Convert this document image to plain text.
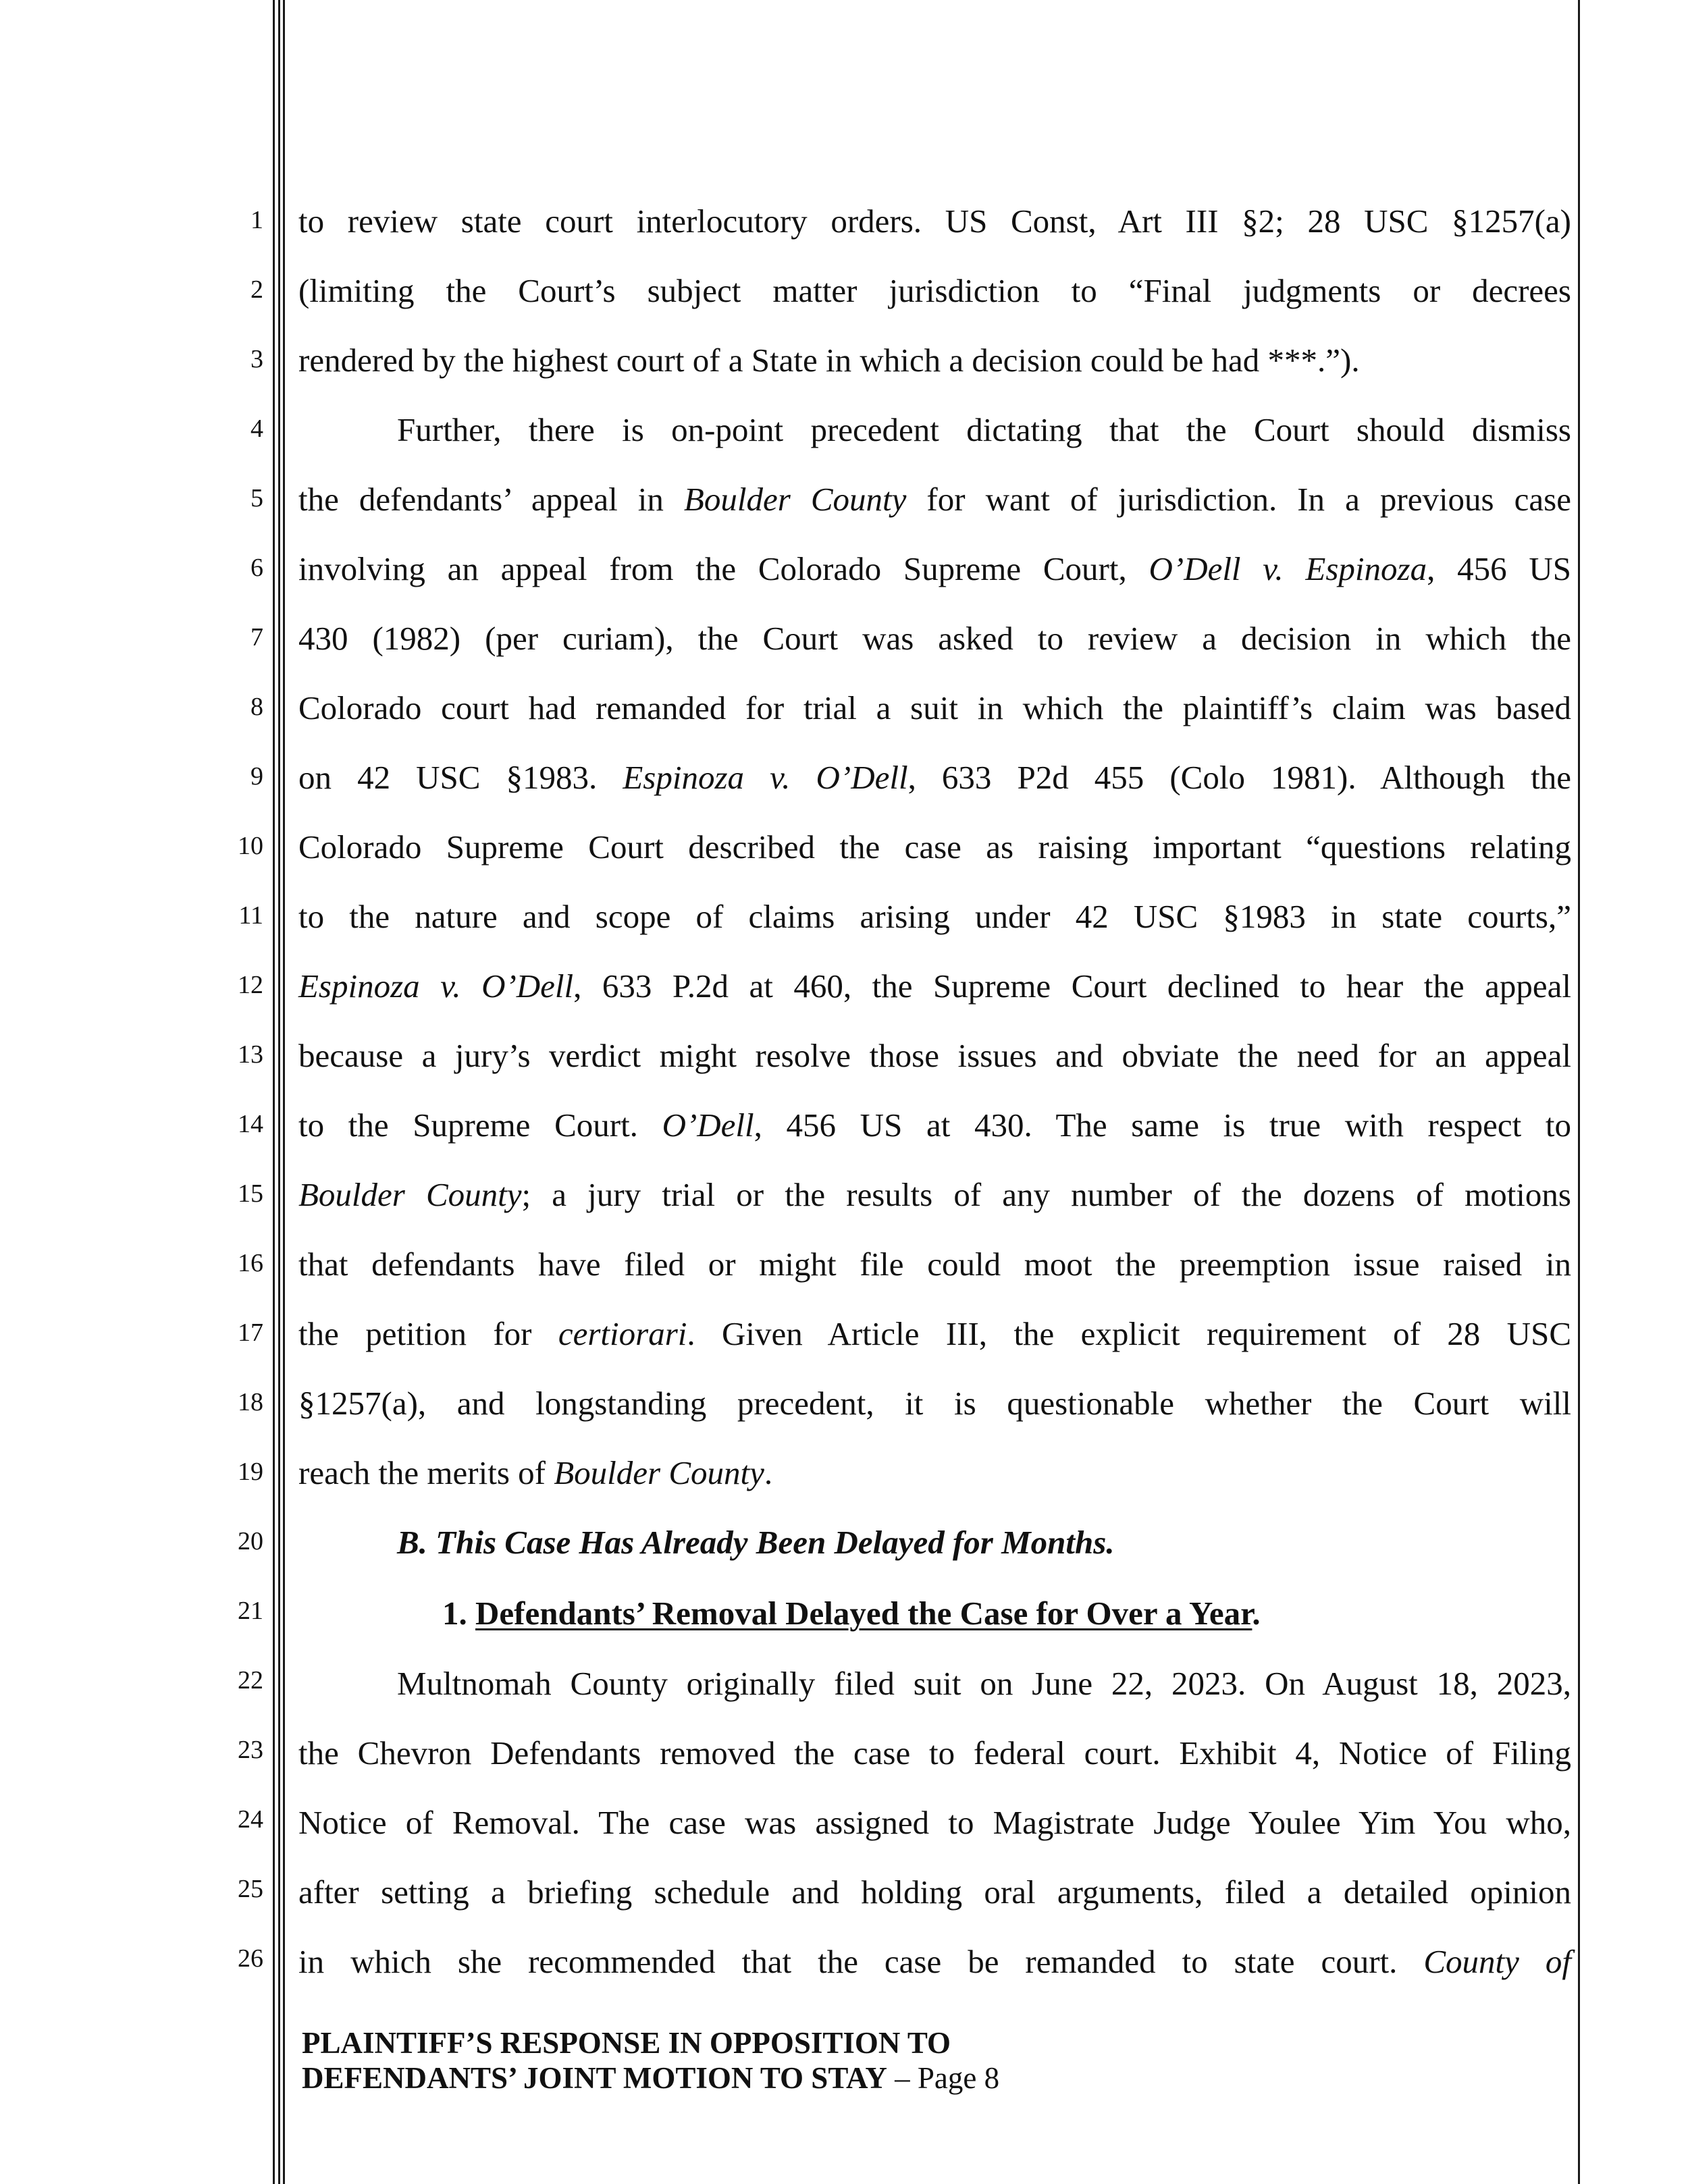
1
2
3
4
5
6
7
8
9
10
11
12
13
14
15
16
17
18
19
20
21
22
23
24
25
26
to review state court interlocutory orders. US Const, Art III §2; 28 USC §1257(a)
(limiting the Court’s subject matter jurisdiction to “Final judgments or decrees
rendered by the highest court of a State in which a decision could be had ***.”).
Further, there is on-point precedent dictating that the Court should dismiss
the defendants’ appeal in Boulder County for want of jurisdiction. In a previous case
involving an appeal from the Colorado Supreme Court, O’Dell v. Espinoza, 456 US
430 (1982) (per curiam), the Court was asked to review a decision in which the
Colorado court had remanded for trial a suit in which the plaintiff’s claim was based
on 42 USC §1983. Espinoza v. O’Dell, 633 P2d 455 (Colo 1981). Although the
Colorado Supreme Court described the case as raising important “questions relating
to the nature and scope of claims arising under 42 USC §1983 in state courts,”
Espinoza v. O’Dell, 633 P.2d at 460, the Supreme Court declined to hear the appeal
because a jury’s verdict might resolve those issues and obviate the need for an appeal
to the Supreme Court. O’Dell, 456 US at 430. The same is true with respect to
Boulder County; a jury trial or the results of any number of the dozens of motions
that defendants have filed or might file could moot the preemption issue raised in
the petition for certiorari. Given Article III, the explicit requirement of 28 USC
§1257(a), and longstanding precedent, it is questionable whether the Court will
reach the merits of Boulder County.
B. This Case Has Already Been Delayed for Months.
1. Defendants’ Removal Delayed the Case for Over a Year.
Multnomah County originally filed suit on June 22, 2023. On August 18, 2023,
the Chevron Defendants removed the case to federal court. Exhibit 4, Notice of Filing
Notice of Removal. The case was assigned to Magistrate Judge Youlee Yim You who,
after setting a briefing schedule and holding oral arguments, filed a detailed opinion
in which she recommended that the case be remanded to state court. County of
PLAINTIFF’S RESPONSE IN OPPOSITION TO
DEFENDANTS’ JOINT MOTION TO STAY – Page 8
